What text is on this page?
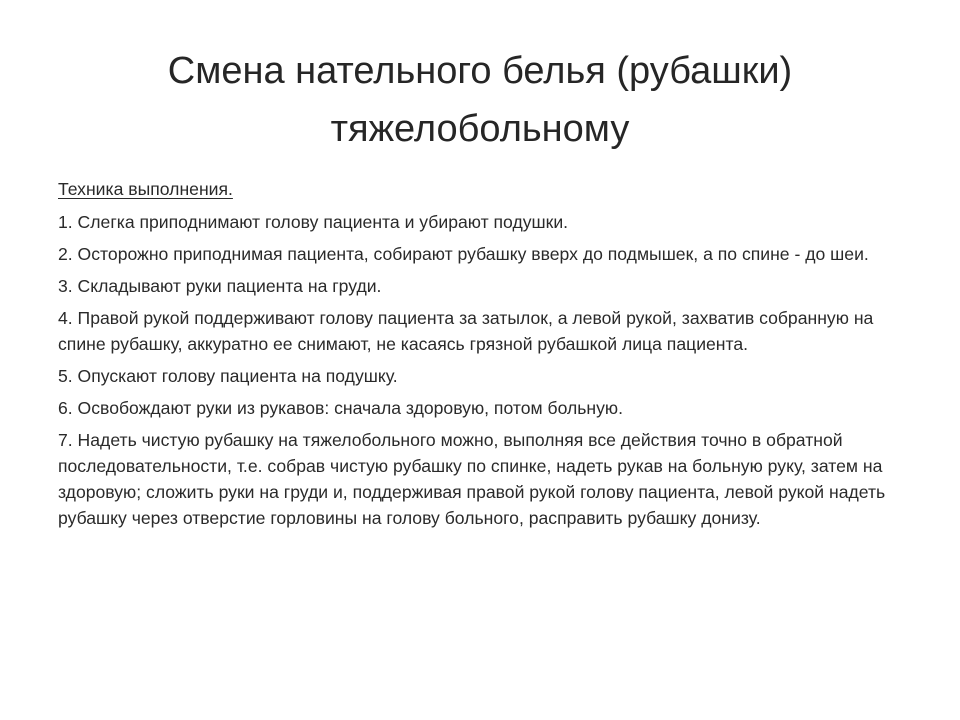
Смена нательного белья (рубашки)
тяжелобольному

Техника выполнения.

1. Слегка приподнимают голову пациента и убирают подушки.

2. Осторожно приподнимая пациента, собирают рубашку вверх до подмышек, а по спине - до шеи.

3. Складывают руки пациента на груди.

4. Правой рукой поддерживают голову пациента за затылок, а левой рукой, захватив собранную на спине рубашку, аккуратно ее снимают, не касаясь грязной рубашкой лица пациента.

5. Опускают голову пациента на подушку.

6. Освобождают руки из рукавов: сначала здоровую, потом больную.

7. Надеть чистую рубашку на тяжелобольного можно, выполняя все действия точно в обратной последовательности, т.е. собрав чистую рубашку по спинке, надеть рукав на больную руку, затем на здоровую; сложить руки на груди и, поддерживая правой рукой голову пациента, левой рукой надеть рубашку через отверстие горловины на голову больного, расправить рубашку донизу.
